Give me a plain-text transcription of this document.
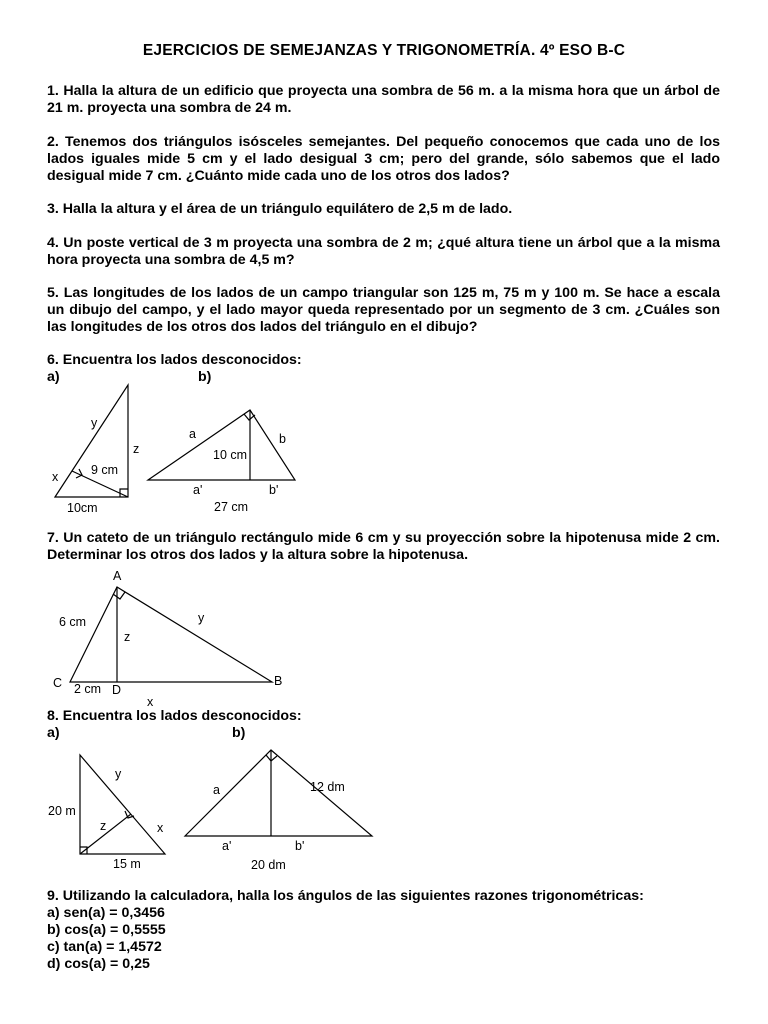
EJERCICIOS DE SEMEJANZAS Y TRIGONOMETRÍA. 4º ESO B-C
1. Halla la altura de un edificio que proyecta una sombra de 56 m. a la misma hora que un árbol de 21 m. proyecta una sombra de 24 m.
2. Tenemos dos triángulos isósceles semejantes. Del pequeño conocemos que cada uno de los lados iguales mide 5 cm y el lado desigual 3 cm; pero del grande, sólo sabemos que el lado desigual mide 7 cm. ¿Cuánto mide cada uno de los otros dos lados?
3. Halla la altura y el área de un triángulo equilátero de 2,5 m de lado.
4. Un poste vertical de 3 m proyecta una sombra de 2 m; ¿qué altura tiene un árbol que a la misma hora proyecta una sombra de 4,5 m?
5. Las longitudes de los lados de un campo triangular son 125 m, 75 m y 100 m. Se hace a escala un dibujo del campo, y el lado mayor queda representado por un segmento de 3 cm. ¿Cuáles son las longitudes de los otros dos lados del triángulo en el dibujo?
6. Encuentra los lados desconocidos:
a)	b)
y
z
x	9 cm
10cm
a	b
10 cm
a'	b'
27 cm
7. Un cateto de un triángulo rectángulo mide 6 cm y su proyección sobre la hipotenusa mide 2 cm. Determinar los otros dos lados y la altura sobre la hipotenusa.
A
B
C	D
6 cm
z
y
2 cm
x
8. Encuentra los lados desconocidos:
a)	b)
y
20 m
z	x
15 m
a	12 dm
a'	b'
20 dm
9. Utilizando la calculadora, halla los ángulos de las siguientes razones trigonométricas:
a) sen(a) = 0,3456
b) cos(a) = 0,5555
c) tan(a) = 1,4572
d) cos(a) = 0,25
